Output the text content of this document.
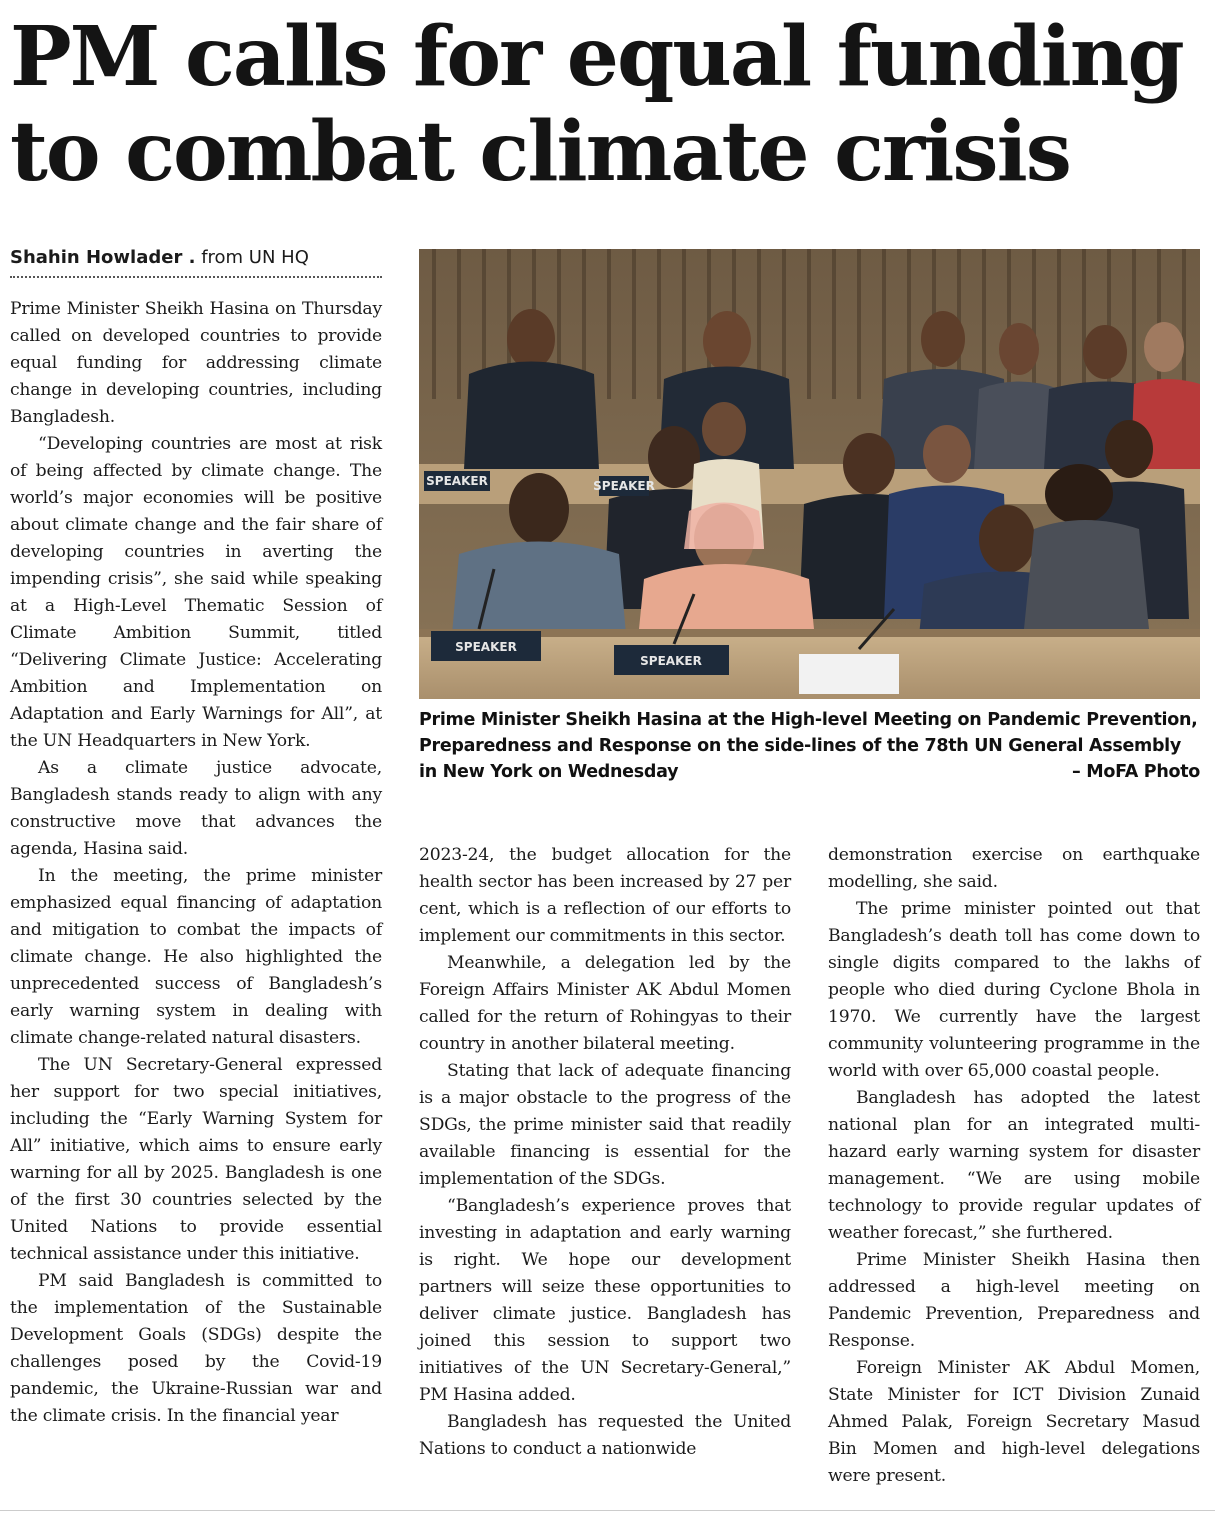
PM calls for equal funding to combat climate crisis
Shahin Howlader . from UN HQ

Prime Minister Sheikh Hasina on Thursday called on developed countries to provide equal funding for addressing climate change in developing countries, including Bangladesh.

“Developing countries are most at risk of being affected by climate change. The world’s major economies will be positive about climate change and the fair share of developing countries in averting the impending crisis”, she said while speaking at a High-Level Thematic Session of Climate Ambition Summit, titled “Delivering Climate Justice: Accelerating Ambition and Implementation on Adaptation and Early Warnings for All”, at the UN Headquarters in New York.

As a climate justice advocate, Bangladesh stands ready to align with any constructive move that advances the agenda, Hasina said.

In the meeting, the prime minister emphasized equal financing of adaptation and mitigation to combat the impacts of climate change. He also highlighted the unprecedented success of Bangladesh’s early warning system in dealing with climate change-related natural disasters.

The UN Secretary-General expressed her support for two special initiatives, including the “Early Warning System for All” initiative, which aims to ensure early warning for all by 2025. Bangladesh is one of the first 30 countries selected by the United Nations to provide essential technical assistance under this initiative.

PM said Bangladesh is committed to the implementation of the Sustainable Development Goals (SDGs) despite the challenges posed by the Covid-19 pandemic, the Ukraine-Russian war and the climate crisis. In the financial year

SPEAKER
SPEAKER
SPEAKER
SPEAKER
Prime Minister Sheikh Hasina at the High-level Meeting on Pandemic Prevention, Preparedness and Response on the side-lines of the 78th UN General Assembly in New York on Wednesday	– MoFA Photo

2023-24, the budget allocation for the health sector has been increased by 27 per cent, which is a reflection of our efforts to implement our commitments in this sector.

Meanwhile, a delegation led by the Foreign Affairs Minister AK Abdul Momen called for the return of Rohingyas to their country in another bilateral meeting.

Stating that lack of adequate financing is a major obstacle to the progress of the SDGs, the prime minister said that readily available financing is essential for the implementation of the SDGs.

“Bangladesh’s experience proves that investing in adaptation and early warning is right. We hope our development partners will seize these opportunities to deliver climate justice. Bangladesh has joined this session to support two initiatives of the UN Secretary-General,” PM Hasina added.

Bangladesh has requested the United Nations to conduct a nationwide

demonstration exercise on earthquake modelling, she said.

The prime minister pointed out that Bangladesh’s death toll has come down to single digits compared to the lakhs of people who died during Cyclone Bhola in 1970. We currently have the largest community volunteering programme in the world with over 65,000 coastal people.

Bangladesh has adopted the latest national plan for an integrated multi-hazard early warning system for disaster management. “We are using mobile technology to provide regular updates of weather forecast,” she furthered.

Prime Minister Sheikh Hasina then addressed a high-level meeting on Pandemic Prevention, Preparedness and Response.

Foreign Minister AK Abdul Momen, State Minister for ICT Division Zunaid Ahmed Palak, Foreign Secretary Masud Bin Momen and high-level delegations were present.
